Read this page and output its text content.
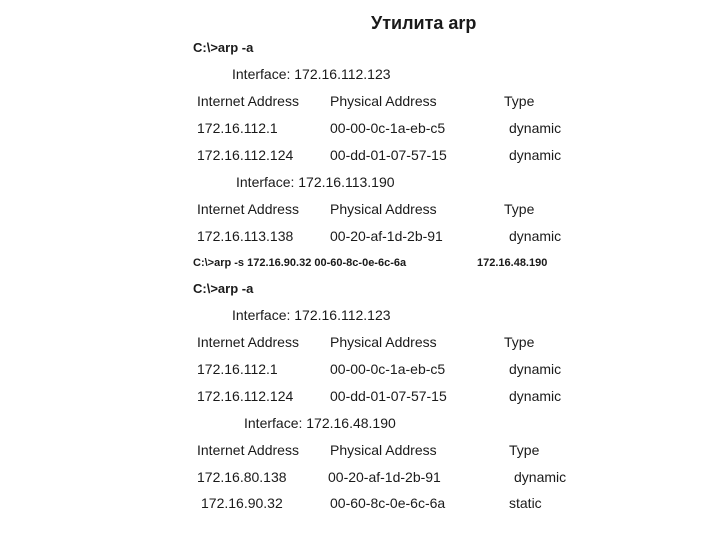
Утилита arp
C:\>arp -a
Interface: 172.16.112.123
Internet Address Physical Address	Type
172.16.112.1	00-00-0c-1a-eb-c5	dynamic
172.16.112.124	00-dd-01-07-57-15	dynamic
Interface: 172.16.113.190
Internet Address Physical Address	Type
172.16.113.138	00-20-af-1d-2b-91	dynamic
C:\>arp -s 172.16.90.32 00-60-8c-0e-6c-6a	172.16.48.190
C:\>arp -a
Interface: 172.16.112.123
Internet Address Physical Address	Type
172.16.112.1	00-00-0c-1a-eb-c5	dynamic
172.16.112.124	00-dd-01-07-57-15	dynamic
Interface: 172.16.48.190
Internet Address Physical Address	Type
172.16.80.138	00-20-af-1d-2b-91	dynamic
172.16.90.32	00-60-8c-0e-6c-6a	static
